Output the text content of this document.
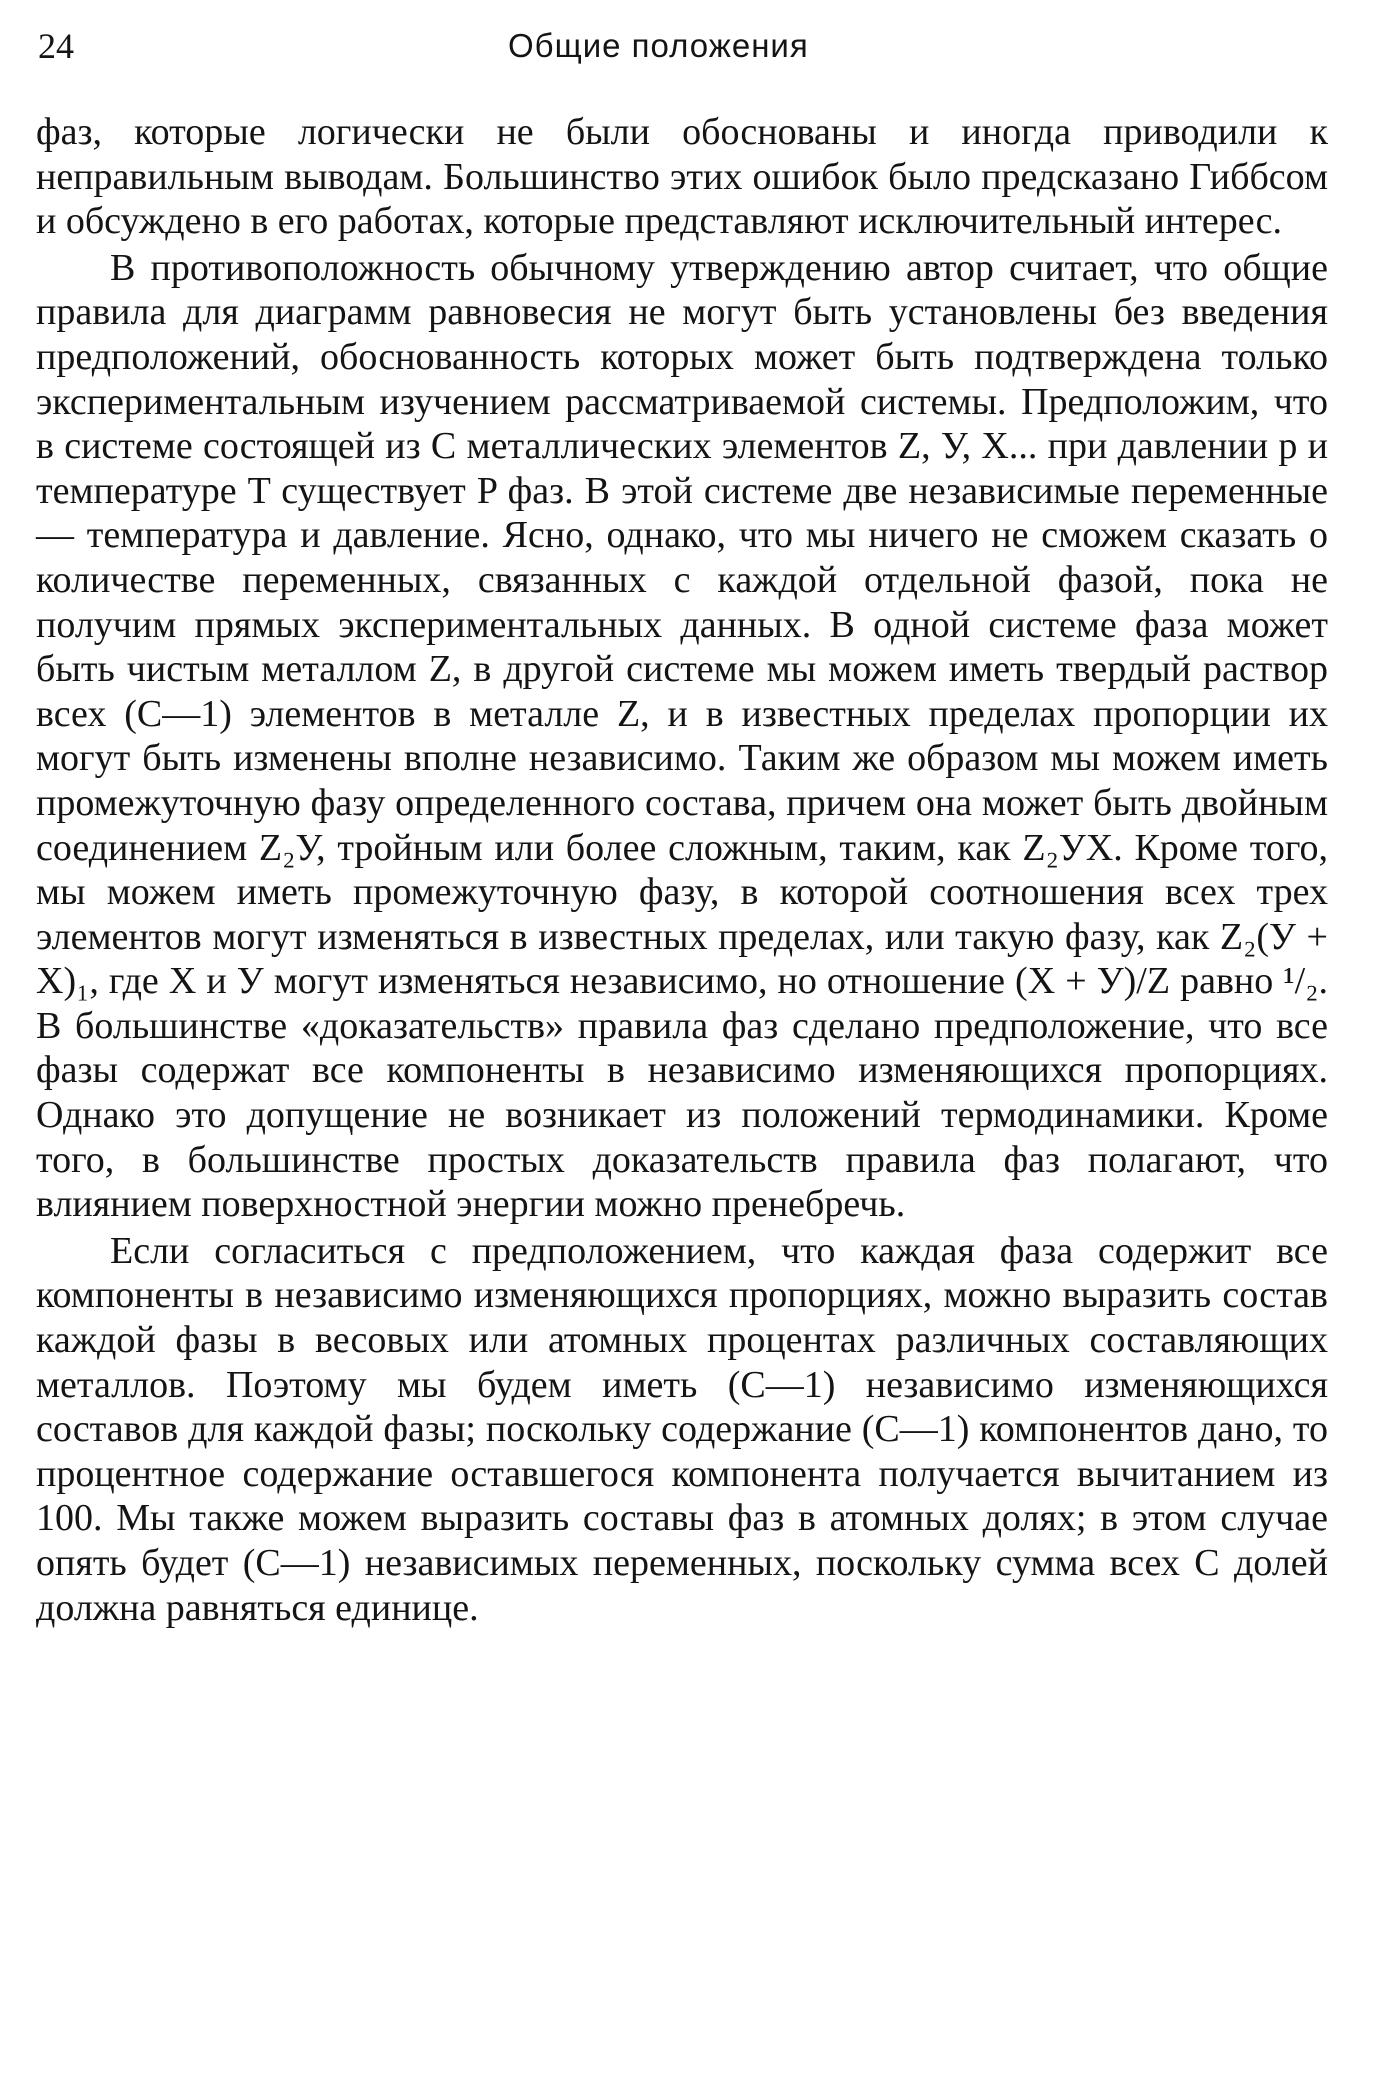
24	Общие положения

фаз, которые логически не были обоснованы и иногда приводили к неправильным выводам. Большинство этих ошибок было предсказано Гиббсом и обсуждено в его работах, которые представляют исключительный интерес.

В противоположность обычному утверждению автор считает, что общие правила для диаграмм равновесия не могут быть установлены без введения предположений, обоснованность которых может быть подтверждена только экспериментальным изучением рассматриваемой системы. Предположим, что в системе состоящей из C металлических элементов Z, У, X... при давлении p и температуре T существует P фаз. В этой системе две независимые переменные — температура и давление. Ясно, однако, что мы ничего не сможем сказать о количестве переменных, связанных с каждой отдельной фазой, пока не получим прямых экспериментальных данных. В одной системе фаза может быть чистым металлом Z, в другой системе мы можем иметь твердый раствор всех (C—1) элементов в металле Z, и в известных пределах пропорции их могут быть изменены вполне независимо. Таким же образом мы можем иметь промежуточную фазу определенного состава, причем она может быть двойным соединением Z₂У, тройным или более сложным, таким, как Z₂УX. Кроме того, мы можем иметь промежуточную фазу, в которой соотношения всех трех элементов могут изменяться в известных пределах, или такую фазу, как Z₂(У + X)₁, где X и У могут изменяться независимо, но отношение (X + У)/Z равно ¹/₂. В большинстве «доказательств» правила фаз сделано предположение, что все фазы содержат все компоненты в независимо изменяющихся пропорциях. Однако это допущение не возникает из положений термодинамики. Кроме того, в большинстве простых доказательств правила фаз полагают, что влиянием поверхностной энергии можно пренебречь.

Если согласиться с предположением, что каждая фаза содержит все компоненты в независимо изменяющихся пропорциях, можно выразить состав каждой фазы в весовых или атомных процентах различных составляющих металлов. Поэтому мы будем иметь (C—1) независимо изменяющихся составов для каждой фазы; поскольку содержание (C—1) компонентов дано, то процентное содержание оставшегося компонента получается вычитанием из 100. Мы также можем выразить составы фаз в атомных долях; в этом случае опять будет (C—1) независимых переменных, поскольку сумма всех C долей должна равняться единице.
